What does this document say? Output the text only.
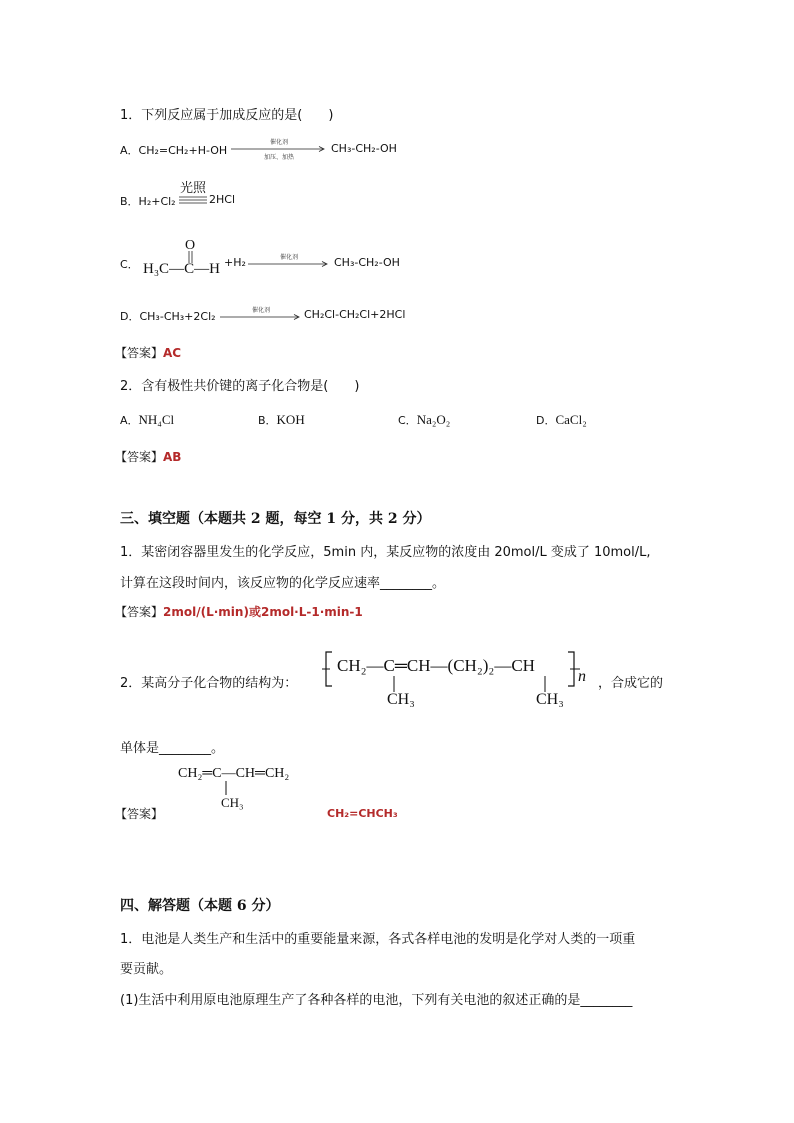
1．下列反应属于加成反应的是(　　)
A．CH₂=CH₂+H-OH
催化剂
加压、加热
CH₃-CH₂-OH
B．H₂+Cl₂
光照
2HCl
C．
O
H₃C—C—H +H₂	催化剂	CH₃-CH₂-OH
D．CH₃-CH₃+2Cl₂	催化剂	CH₂Cl-CH₂Cl+2HCl
【答案】AC
2．含有极性共价键的离子化合物是(　　)
A．NH₄Cl	B．KOH	C．Na₂O₂	D．CaCl₂
【答案】AB
三、填空题（本题共 2 题，每空 1 分，共 2 分）
1．某密闭容器里发生的化学反应，5min 内，某反应物的浓度由 20mol/L 变成了 10mol/L,
计算在这段时间内，该反应物的化学反应速率________。
【答案】2mol/(L·min)或2mol·L-1·min-1
2．某高分子化合物的结构为：
CH₂—C═CH—(CH₂)₂—CH
CH₃	CH₃
n ，合成它的
单体是________。
CH₂═C—CH═CH₂
CH₃
【答案】	CH₂=CHCH₃
四、解答题（本题 6 分）
1．电池是人类生产和生活中的重要能量来源，各式各样电池的发明是化学对人类的一项重
要贡献。
(1)生活中利用原电池原理生产了各种各样的电池，下列有关电池的叙述正确的是________
